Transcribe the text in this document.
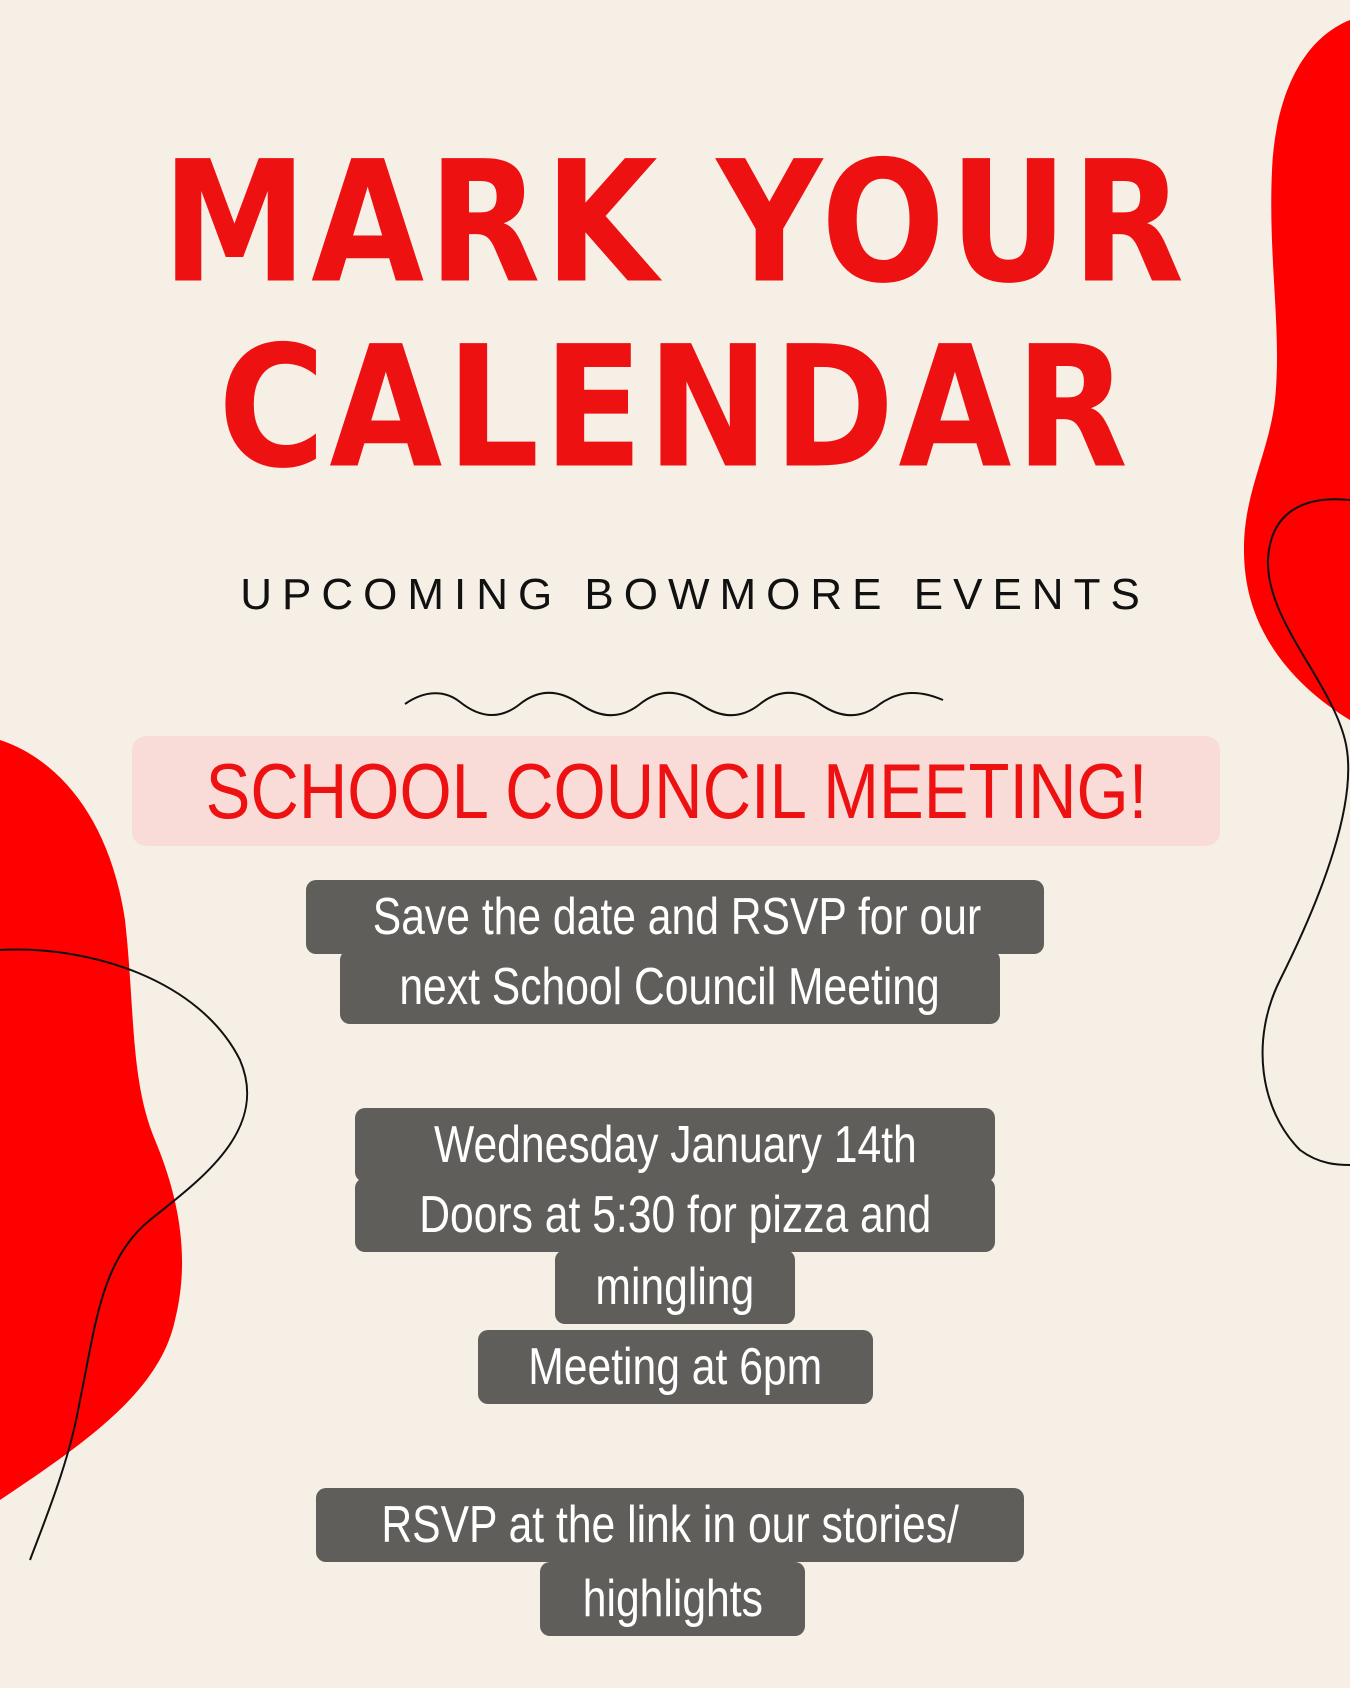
MARK YOUR
CALENDAR

UPCOMING BOWMORE EVENTS

SCHOOL COUNCIL MEETING!
Save the date and RSVP for our
next School Council Meeting
Wednesday January 14th
Doors at 5:30 for pizza and
mingling
Meeting at 6pm
RSVP at the link in our stories/
highlights
